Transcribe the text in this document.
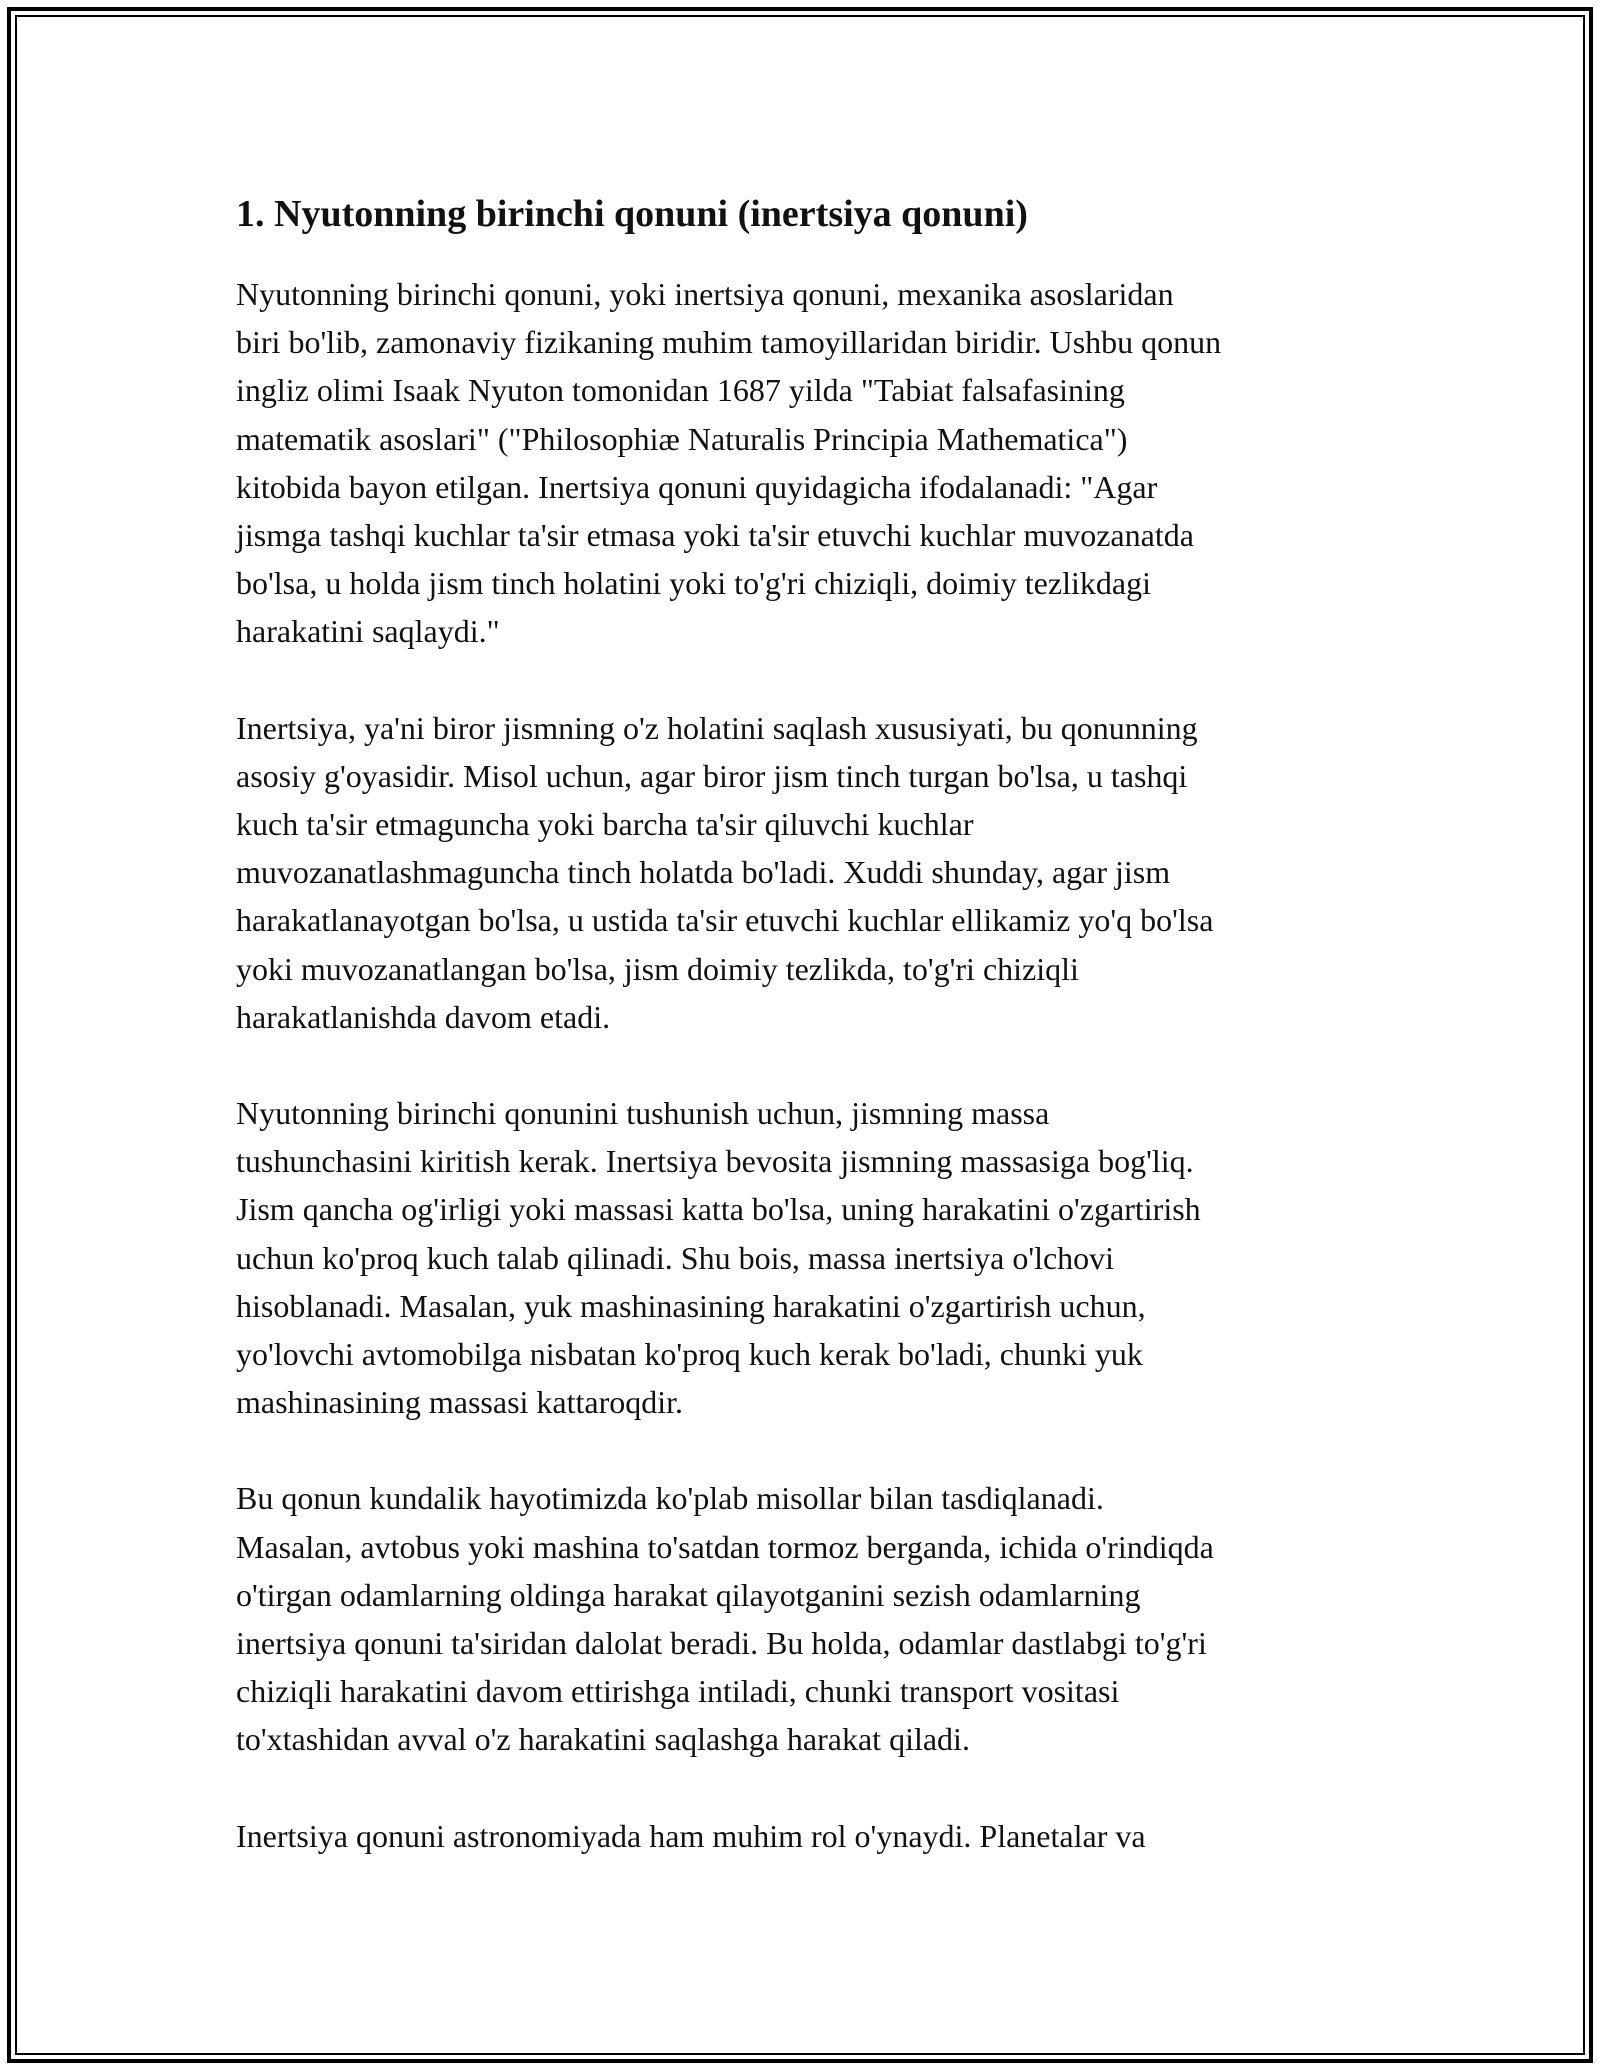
1. Nyutonning birinchi qonuni (inertsiya qonuni)

Nyutonning birinchi qonuni, yoki inertsiya qonuni, mexanika asoslaridan
biri bo'lib, zamonaviy fizikaning muhim tamoyillaridan biridir. Ushbu qonun
ingliz olimi Isaak Nyuton tomonidan 1687 yilda "Tabiat falsafasining
matematik asoslari" ("Philosophiæ Naturalis Principia Mathematica")
kitobida bayon etilgan. Inertsiya qonuni quyidagicha ifodalanadi: "Agar
jismga tashqi kuchlar ta'sir etmasa yoki ta'sir etuvchi kuchlar muvozanatda
bo'lsa, u holda jism tinch holatini yoki to'g'ri chiziqli, doimiy tezlikdagi
harakatini saqlaydi."

Inertsiya, ya'ni biror jismning o'z holatini saqlash xususiyati, bu qonunning
asosiy g'oyasidir. Misol uchun, agar biror jism tinch turgan bo'lsa, u tashqi
kuch ta'sir etmaguncha yoki barcha ta'sir qiluvchi kuchlar
muvozanatlashmaguncha tinch holatda bo'ladi. Xuddi shunday, agar jism
harakatlanayotgan bo'lsa, u ustida ta'sir etuvchi kuchlar ellikamiz yo'q bo'lsa
yoki muvozanatlangan bo'lsa, jism doimiy tezlikda, to'g'ri chiziqli
harakatlanishda davom etadi.

Nyutonning birinchi qonunini tushunish uchun, jismning massa
tushunchasini kiritish kerak. Inertsiya bevosita jismning massasiga bog'liq.
Jism qancha og'irligi yoki massasi katta bo'lsa, uning harakatini o'zgartirish
uchun ko'proq kuch talab qilinadi. Shu bois, massa inertsiya o'lchovi
hisoblanadi. Masalan, yuk mashinasining harakatini o'zgartirish uchun,
yo'lovchi avtomobilga nisbatan ko'proq kuch kerak bo'ladi, chunki yuk
mashinasining massasi kattaroqdir.

Bu qonun kundalik hayotimizda ko'plab misollar bilan tasdiqlanadi.
Masalan, avtobus yoki mashina to'satdan tormoz berganda, ichida o'rindiqda
o'tirgan odamlarning oldinga harakat qilayotganini sezish odamlarning
inertsiya qonuni ta'siridan dalolat beradi. Bu holda, odamlar dastlabgi to'g'ri
chiziqli harakatini davom ettirishga intiladi, chunki transport vositasi
to'xtashidan avval o'z harakatini saqlashga harakat qiladi.

Inertsiya qonuni astronomiyada ham muhim rol o'ynaydi. Planetalar va
